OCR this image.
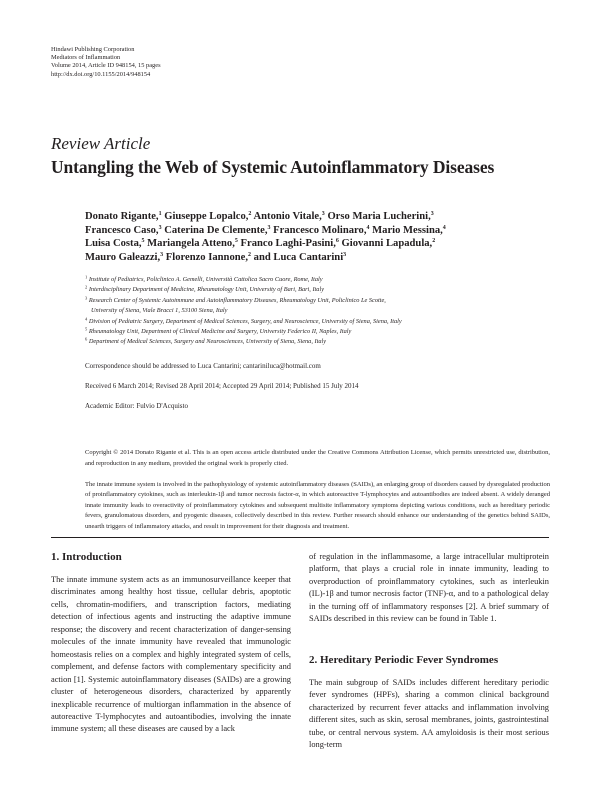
Hindawi Publishing Corporation
Mediators of Inflammation
Volume 2014, Article ID 948154, 15 pages
http://dx.doi.org/10.1155/2014/948154
Review Article
Untangling the Web of Systemic Autoinflammatory Diseases
Donato Rigante,$^1$ Giuseppe Lopalco,$^2$ Antonio Vitale,$^3$ Orso Maria Lucherini,$^3$
Francesco Caso,$^3$ Caterina De Clemente,$^3$ Francesco Molinaro,$^4$ Mario Messina,$^4$
Luisa Costa,$^5$ Mariangela Atteno,$^5$ Franco Laghi-Pasini,$^6$ Giovanni Lapadula,$^2$
Mauro Galeazzi,$^3$ Florenzo Iannone,$^2$ and Luca Cantarini$^3$
$^1$ Institute of Pediatrics, Policlinico A. Gemelli, Università Cattolica Sacro Cuore, Rome, Italy
$^2$ Interdisciplinary Department of Medicine, Rheumatology Unit, University of Bari, Bari, Italy
$^3$ Research Center of Systemic Autoimmune and Autoinflammatory Diseases, Rheumatology Unit, Policlinico Le Scotte,
University of Siena, Viale Bracci 1, 53100 Siena, Italy
$^4$ Division of Pediatric Surgery, Department of Medical Sciences, Surgery, and Neuroscience, University of Siena, Siena, Italy
$^5$ Rheumatology Unit, Department of Clinical Medicine and Surgery, University Federico II, Naples, Italy
$^6$ Department of Medical Sciences, Surgery and Neurosciences, University of Siena, Siena, Italy
Correspondence should be addressed to Luca Cantarini; cantariniluca@hotmail.com
Received 6 March 2014; Revised 28 April 2014; Accepted 29 April 2014; Published 15 July 2014
Academic Editor: Fulvio D'Acquisto
Copyright © 2014 Donato Rigante et al. This is an open access article distributed under the Creative Commons Attribution License, which permits unrestricted use, distribution, and reproduction in any medium, provided the original work is properly cited.
The innate immune system is involved in the pathophysiology of systemic autoinflammatory diseases (SAIDs), an enlarging group of disorders caused by dysregulated production of proinflammatory cytokines, such as interleukin-1β and tumor necrosis factor-α, in which autoreactive T-lymphocytes and autoantibodies are indeed absent. A widely deranged innate immunity leads to overactivity of proinflammatory cytokines and subsequent multisite inflammatory symptoms depicting various conditions, such as hereditary periodic fevers, granulomatous disorders, and pyogenic diseases, collectively described in this review. Further research should enhance our understanding of the genetics behind SAIDs, unearth triggers of inflammatory attacks, and result in improvement for their diagnosis and treatment.
1. Introduction
The innate immune system acts as an immunosurveillance keeper that discriminates among healthy host tissue, cellular debris, apoptotic cells, chromatin-modifiers, and transcription factors, mediating detection of infectious agents and instructing the adaptive immune response; the discovery and recent characterization of danger-sensing molecules of the innate immunity have revealed that immunologic homeostasis relies on a complex and highly integrated system of cells, complement, and defense factors with complementary specificity and action [1]. Systemic autoinflammatory diseases (SAIDs) are a growing cluster of heterogeneous disorders, characterized by apparently inexplicable recurrence of multiorgan inflammation in the absence of autoreactive T-lymphocytes and autoantibodies, involving the innate immune system; all these diseases are caused by a lack
of regulation in the inflammasome, a large intracellular multiprotein platform, that plays a crucial role in innate immunity, leading to overproduction of proinflammatory cytokines, such as interleukin (IL)-1β and tumor necrosis factor (TNF)-α, and to a pathological delay in the turning off of inflammatory responses [2]. A brief summary of SAIDs described in this review can be found in Table 1.
2. Hereditary Periodic Fever Syndromes
The main subgroup of SAIDs includes different hereditary periodic fever syndromes (HPFs), sharing a common clinical background characterized by recurrent fever attacks and inflammation involving different sites, such as skin, serosal membranes, joints, gastrointestinal tube, or central nervous system. AA amyloidosis is their most serious long-term
